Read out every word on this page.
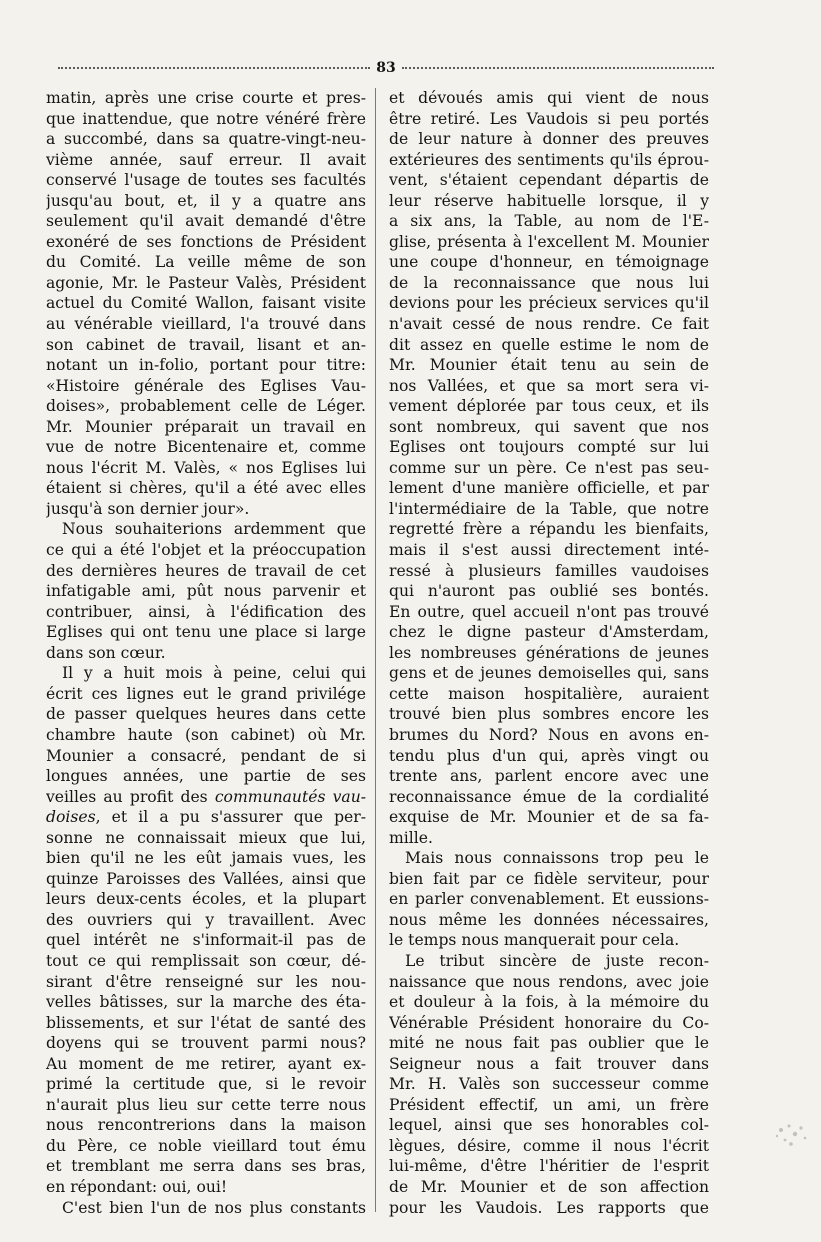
83
matin, après une crise courte et pres-
que inattendue, que notre vénéré frère
a succombé, dans sa quatre-vingt-neu-
vième année, sauf erreur. Il avait
conservé l'usage de toutes ses facultés
jusqu'au bout, et, il y a quatre ans
seulement qu'il avait demandé d'être
exonéré de ses fonctions de Président
du Comité. La veille même de son
agonie, Mr. le Pasteur Valès, Président
actuel du Comité Wallon, faisant visite
au vénérable vieillard, l'a trouvé dans
son cabinet de travail, lisant et an-
notant un in-folio, portant pour titre:
«Histoire générale des Eglises Vau-
doises», probablement celle de Léger.
Mr. Mounier préparait un travail en
vue de notre Bicentenaire et, comme
nous l'écrit M. Valès, « nos Eglises lui
étaient si chères, qu'il a été avec elles
jusqu'à son dernier jour».
Nous souhaiterions ardemment que
ce qui a été l'objet et la préoccupation
des dernières heures de travail de cet
infatigable ami, pût nous parvenir et
contribuer, ainsi, à l'édification des
Eglises qui ont tenu une place si large
dans son cœur.
Il y a huit mois à peine, celui qui
écrit ces lignes eut le grand privilége
de passer quelques heures dans cette
chambre haute (son cabinet) où Mr.
Mounier a consacré, pendant de si
longues années, une partie de ses
veilles au profit des communautés vau-
doises, et il a pu s'assurer que per-
sonne ne connaissait mieux que lui,
bien qu'il ne les eût jamais vues, les
quinze Paroisses des Vallées, ainsi que
leurs deux-cents écoles, et la plupart
des ouvriers qui y travaillent. Avec
quel intérêt ne s'informait-il pas de
tout ce qui remplissait son cœur, dé-
sirant d'être renseigné sur les nou-
velles bâtisses, sur la marche des éta-
blissements, et sur l'état de santé des
doyens qui se trouvent parmi nous?
Au moment de me retirer, ayant ex-
primé la certitude que, si le revoir
n'aurait plus lieu sur cette terre nous
nous rencontrerions dans la maison
du Père, ce noble vieillard tout ému
et tremblant me serra dans ses bras,
en répondant: oui, oui!
C'est bien l'un de nos plus constants
et dévoués amis qui vient de nous
être retiré. Les Vaudois si peu portés
de leur nature à donner des preuves
extérieures des sentiments qu'ils éprou-
vent, s'étaient cependant départis de
leur réserve habituelle lorsque, il y
a six ans, la Table, au nom de l'E-
glise, présenta à l'excellent M. Mounier
une coupe d'honneur, en témoignage
de la reconnaissance que nous lui
devions pour les précieux services qu'il
n'avait cessé de nous rendre. Ce fait
dit assez en quelle estime le nom de
Mr. Mounier était tenu au sein de
nos Vallées, et que sa mort sera vi-
vement déplorée par tous ceux, et ils
sont nombreux, qui savent que nos
Eglises ont toujours compté sur lui
comme sur un père. Ce n'est pas seu-
lement d'une manière officielle, et par
l'intermédiaire de la Table, que notre
regretté frère a répandu les bienfaits,
mais il s'est aussi directement inté-
ressé à plusieurs familles vaudoises
qui n'auront pas oublié ses bontés.
En outre, quel accueil n'ont pas trouvé
chez le digne pasteur d'Amsterdam,
les nombreuses générations de jeunes
gens et de jeunes demoiselles qui, sans
cette maison hospitalière, auraient
trouvé bien plus sombres encore les
brumes du Nord? Nous en avons en-
tendu plus d'un qui, après vingt ou
trente ans, parlent encore avec une
reconnaissance émue de la cordialité
exquise de Mr. Mounier et de sa fa-
mille.
Mais nous connaissons trop peu le
bien fait par ce fidèle serviteur, pour
en parler convenablement. Et eussions-
nous même les données nécessaires,
le temps nous manquerait pour cela.
Le tribut sincère de juste recon-
naissance que nous rendons, avec joie
et douleur à la fois, à la mémoire du
Vénérable Président honoraire du Co-
mité ne nous fait pas oublier que le
Seigneur nous a fait trouver dans
Mr. H. Valès son successeur comme
Président effectif, un ami, un frère
lequel, ainsi que ses honorables col-
lègues, désire, comme il nous l'écrit
lui-même, d'être l'héritier de l'esprit
de Mr. Mounier et de son affection
pour les Vaudois. Les rapports que
